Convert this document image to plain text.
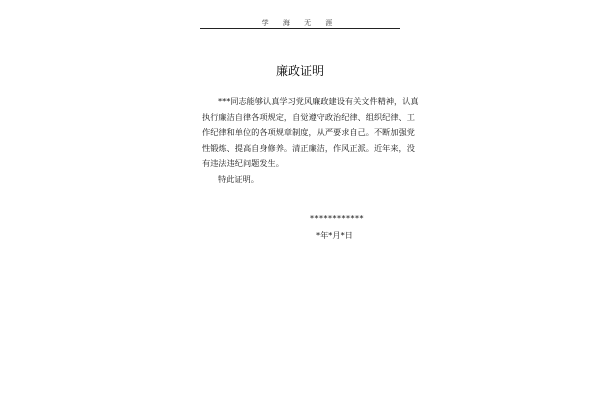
学 海 无 涯
廉政证明
***同志能够认真学习党风廉政建设有关文件精神，认真
执行廉洁自律各项规定，自觉遵守政治纪律、组织纪律、工
作纪律和单位的各项规章制度，从严要求自己。不断加强党
性锻炼、提高自身修养。清正廉洁，作风正派。近年来，没
有违法违纪问题发生。
特此证明。
************
*年*月*日
